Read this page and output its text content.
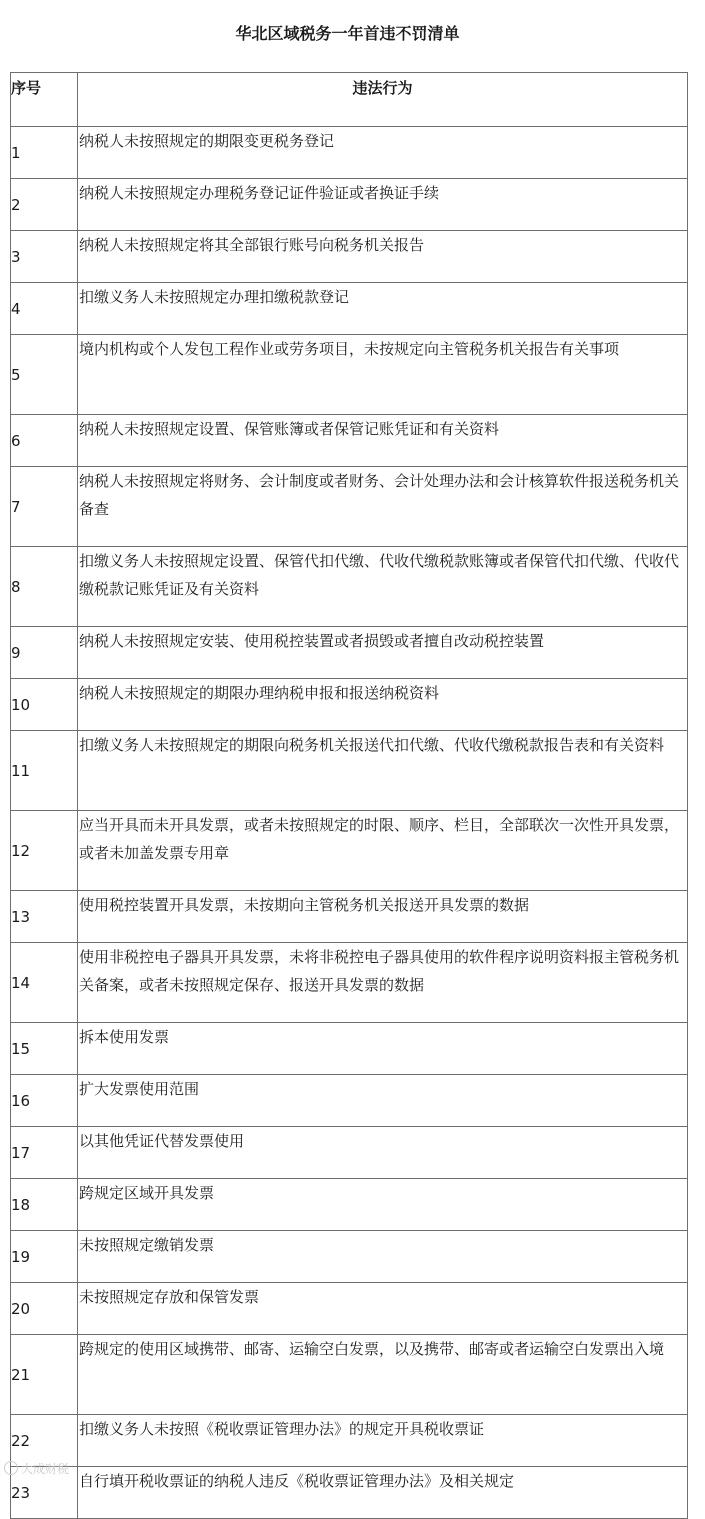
华北区域税务一年首违不罚清单
序号	违法行为
1	纳税人未按照规定的期限变更税务登记
2	纳税人未按照规定办理税务登记证件验证或者换证手续
3	纳税人未按照规定将其全部银行账号向税务机关报告
4	扣缴义务人未按照规定办理扣缴税款登记
5	境内机构或个人发包工程作业或劳务项目，未按规定向主管税务机关报告有关事项
6	纳税人未按照规定设置、保管账簿或者保管记账凭证和有关资料
7	纳税人未按照规定将财务、会计制度或者财务、会计处理办法和会计核算软件报送税务机关备查
8	扣缴义务人未按照规定设置、保管代扣代缴、代收代缴税款账簿或者保管代扣代缴、代收代缴税款记账凭证及有关资料
9	纳税人未按照规定安装、使用税控装置或者损毁或者擅自改动税控装置
10	纳税人未按照规定的期限办理纳税申报和报送纳税资料
11	扣缴义务人未按照规定的期限向税务机关报送代扣代缴、代收代缴税款报告表和有关资料
12	应当开具而未开具发票，或者未按照规定的时限、顺序、栏目，全部联次一次性开具发票，或者未加盖发票专用章
13	使用税控装置开具发票，未按期向主管税务机关报送开具发票的数据
14	使用非税控电子器具开具发票，未将非税控电子器具使用的软件程序说明资料报主管税务机关备案，或者未按照规定保存、报送开具发票的数据
15	拆本使用发票
16	扩大发票使用范围
17	以其他凭证代替发票使用
18	跨规定区域开具发票
19	未按照规定缴销发票
20	未按照规定存放和保管发票
21	跨规定的使用区域携带、邮寄、运输空白发票，以及携带、邮寄或者运输空白发票出入境
22	扣缴义务人未按照《税收票证管理办法》的规定开具税收票证
23	自行填开税收票证的纳税人违反《税收票证管理办法》及相关规定
大成财税
